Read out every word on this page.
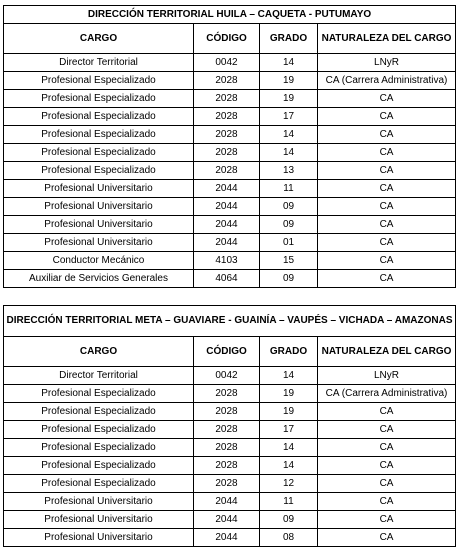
DIRECCIÓN TERRITORIAL HUILA – CAQUETA - PUTUMAYO			
CARGO	CÓDIGO	GRADO	NATURALEZA DEL CARGO
Director Territorial	0042	14	LNyR
Profesional Especializado	2028	19	CA (Carrera Administrativa)
Profesional Especializado	2028	19	CA
Profesional Especializado	2028	17	CA
Profesional Especializado	2028	14	CA
Profesional Especializado	2028	14	CA
Profesional Especializado	2028	13	CA
Profesional Universitario	2044	11	CA
Profesional Universitario	2044	09	CA
Profesional Universitario	2044	09	CA
Profesional Universitario	2044	01	CA
Conductor Mecánico	4103	15	CA
Auxiliar de Servicios Generales	4064	09	CA
DIRECCIÓN TERRITORIAL META – GUAVIARE - GUAINÍA – VAUPÉS – VICHADA – AMAZONAS			
CARGO	CÓDIGO	GRADO	NATURALEZA DEL CARGO
Director Territorial	0042	14	LNyR
Profesional Especializado	2028	19	CA (Carrera Administrativa)
Profesional Especializado	2028	19	CA
Profesional Especializado	2028	17	CA
Profesional Especializado	2028	14	CA
Profesional Especializado	2028	14	CA
Profesional Especializado	2028	12	CA
Profesional Universitario	2044	11	CA
Profesional Universitario	2044	09	CA
Profesional Universitario	2044	08	CA
